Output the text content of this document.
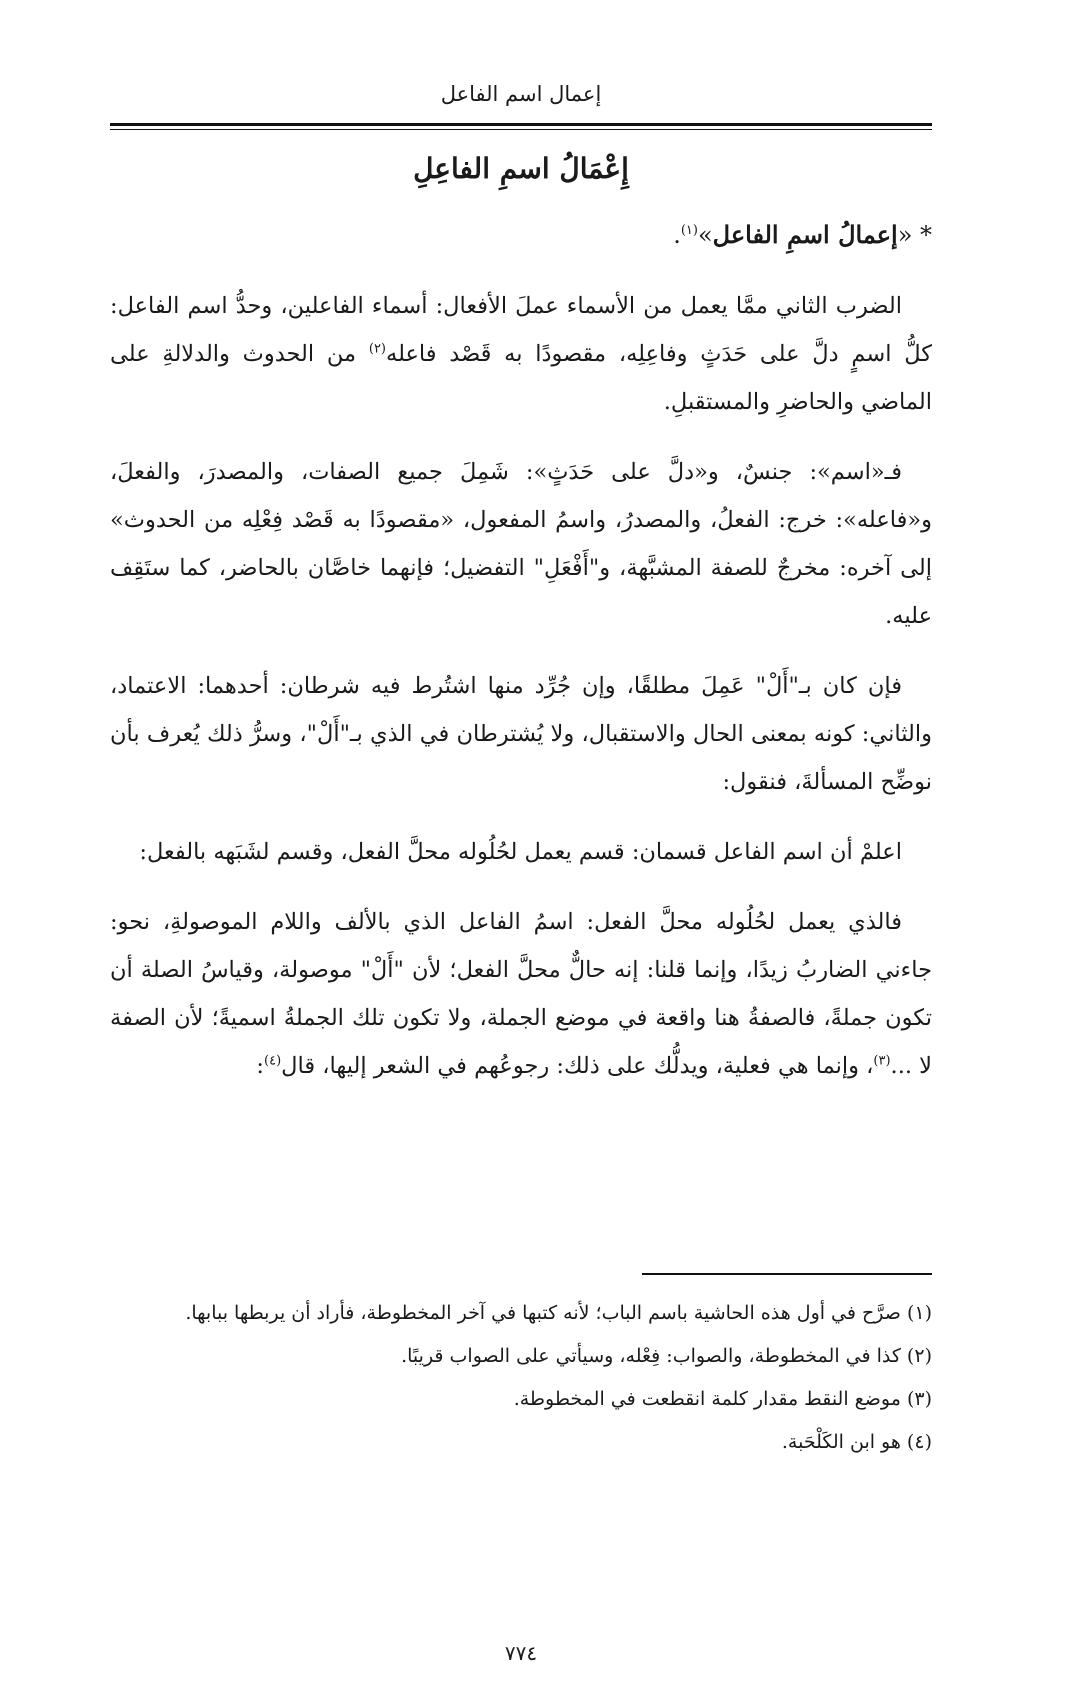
إعمال اسم الفاعل
إِعْمَالُ اسمِ الفاعِلِ
* «إعمالُ اسمِ الفاعل»$^{(١)}$.

الضرب الثاني ممَّا يعمل من الأسماء عملَ الأفعال: أسماء الفاعلين، وحدُّ اسم الفاعل: كلُّ اسمٍ دلَّ على حَدَثٍ وفاعِلِه، مقصودًا به قَصْد فاعله$^{(٢)}$ من الحدوث والدلالةِ على الماضي والحاضرِ والمستقبلِ.

فـ«اسم»: جنسٌ، و«دلَّ على حَدَثٍ»: شَمِلَ جميع الصفات، والمصدرَ، والفعلَ، و«فاعله»: خرج: الفعلُ، والمصدرُ، واسمُ المفعول، «مقصودًا به قَصْد فِعْلِه من الحدوث» إلى آخره: مخرجٌ للصفة المشبَّهة، و"أَفْعَلِ" التفضيل؛ فإنهما خاصَّان بالحاضر، كما ستَقِف عليه.

فإن كان بـ"أَلْ" عَمِلَ مطلقًا، وإن جُرِّد منها اشتُرط فيه شرطان: أحدهما: الاعتماد، والثاني: كونه بمعنى الحال والاستقبال، ولا يُشترطان في الذي بـ"أَلْ"، وسرُّ ذلك يُعرف بأن نوضِّح المسألةَ، فنقول:

اعلمْ أن اسم الفاعل قسمان: قسم يعمل لحُلُوله محلَّ الفعل، وقسم لشَبَهه بالفعل:

فالذي يعمل لحُلُوله محلَّ الفعل: اسمُ الفاعل الذي بالألف واللام الموصولةِ، نحو: جاءني الضاربُ زيدًا، وإنما قلنا: إنه حالٌّ محلَّ الفعل؛ لأن "أَلْ" موصولة، وقياسُ الصلة أن تكون جملةً، فالصفةُ هنا واقعة في موضع الجملة، ولا تكون تلك الجملةُ اسميةً؛ لأن الصفة لا ...$^{(٣)}$، وإنما هي فعلية، ويدلُّك على ذلك: رجوعُهم في الشعر إليها، قال$^{(٤)}$:

(١) صرَّح في أول هذه الحاشية باسم الباب؛ لأنه كتبها في آخر المخطوطة، فأراد أن يربطها ببابها.
(٢) كذا في المخطوطة، والصواب: فِعْله، وسيأتي على الصواب قريبًا.
(٣) موضع النقط مقدار كلمة انقطعت في المخطوطة.
(٤) هو ابن الكَلْحَبة.
٧٧٤
